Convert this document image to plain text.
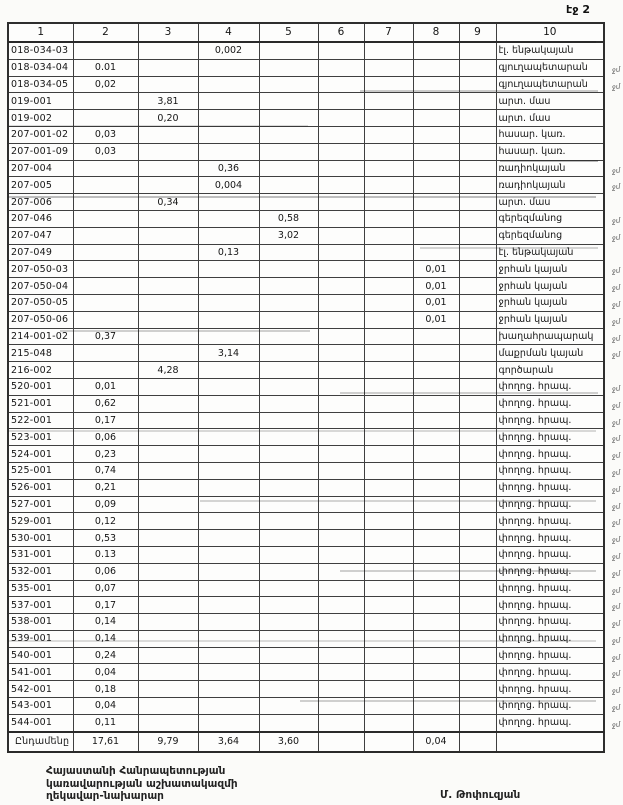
էջ 2
1	2	3	4	5	6	7	8	9	10
018-034-03			0,002						էլ. ենթակայան
018-034-04	0.01								գյուղապետարան ջմ

018-034-05	0,02								գյուղապետարան ջմ

019-001		3,81							արտ. մաս
019-002		0,20							արտ. մաս
207-001-02	0,03								հասար. կառ.
207-001-09	0,03								հասար. կառ.
207-004			0,36						ռադիոկայան ջմ

207-005			0,004						ռադիոկայան ջմ

207-006		0,34							արտ. մաս
207-046				0,58					գերեզմանոց ջմ

207-047				3,02					գերեզմանոց ջմ

207-049			0,13						էլ. ենթակայան
207-050-03							0,01		ջրհան կայան ջմ

207-050-04							0,01		ջրհան կայան ջմ

207-050-05							0,01		ջրհան կայան ջմ

207-050-06							0,01		ջրհան կայան ջմ

214-001-02	0,37								խաղահրապարակ ջմ

215-048			3,14						մաքրման կայան ջմ

216-002		4,28							գործարան
520-001	0,01								փողոց. հրապ. ջմ

521-001	0,62								փողոց. հրապ. ջմ

522-001	0,17								փողոց. հրապ. ջմ

523-001	0,06								փողոց. հրապ. ջմ

524-001	0,23								փողոց. հրապ. ջմ

525-001	0,74								փողոց. հրապ. ջմ

526-001	0,21								փողոց. հրապ. ջմ

527-001	0,09								փողոց. հրապ. ջմ

529-001	0,12								փողոց. հրապ. ջմ

530-001	0,53								փողոց. հրապ. ջմ

531-001	0.13								փողոց. հրապ. ջմ

532-001	0,06								փողոց. հրապ. ջմ

535-001	0,07								փողոց. հրապ. ջմ

537-001	0,17								փողոց. հրապ. ջմ

538-001	0,14								փողոց. հրապ. ջմ

539-001	0,14								փողոց. հրապ. ջմ

540-001	0,24								փողոց. հրապ. ջմ

541-001	0,04								փողոց. հրապ. ջմ

542-001	0,18								փողոց. հրապ. ջմ

543-001	0,04								փողոց. հրապ. ջմ

544-001	0,11								փողոց. հրապ. ջմ

Ընդամենը	17,61	9,79	3,64	3,60			0,04		
Հայաստանի Հանրապետության
կառավարության աշխատակազմի
ղեկավար-նախարար	Մ. Թոփուզյան
